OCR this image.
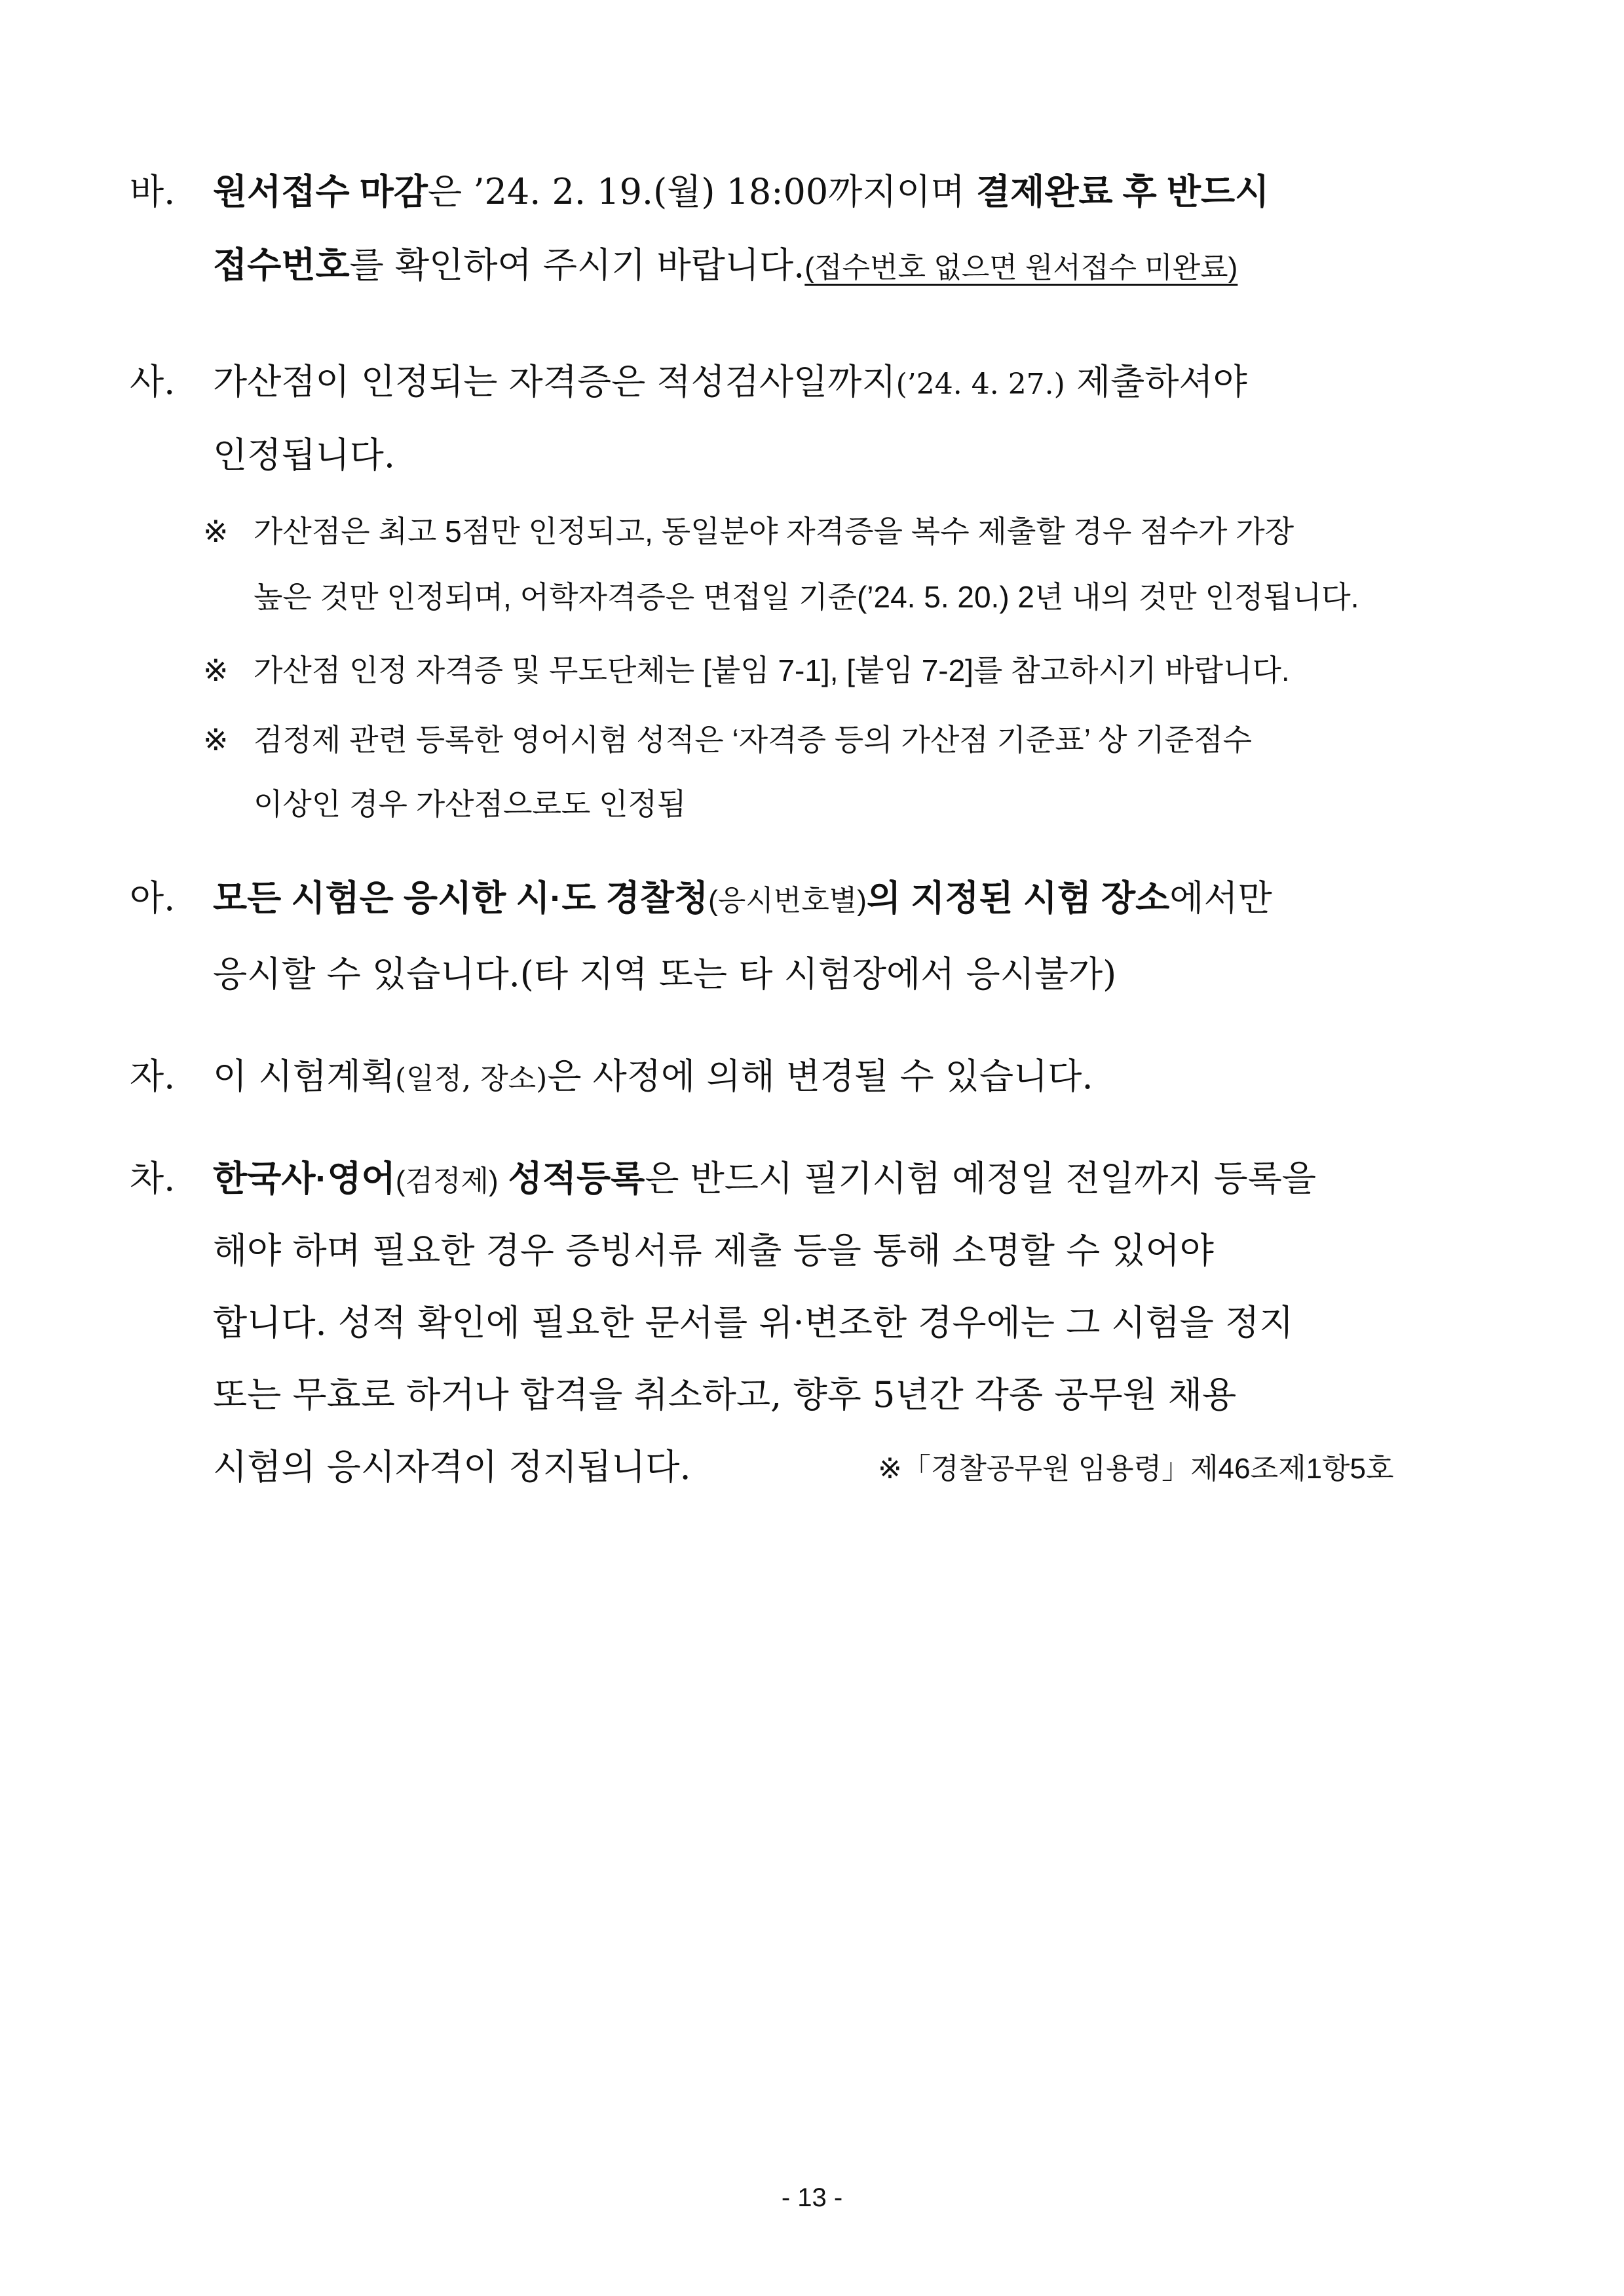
바. 원서접수 마감은 ’24. 2. 19.(월) 18:00까지이며 결제완료 후 반드시
접수번호를 확인하여 주시기 바랍니다.(접수번호 없으면 원서접수 미완료)
사. 가산점이 인정되는 자격증은 적성검사일까지(’24. 4. 27.) 제출하셔야
인정됩니다.
※ 가산점은 최고 5점만 인정되고, 동일분야 자격증을 복수 제출할 경우 점수가 가장
높은 것만 인정되며, 어학자격증은 면접일 기준(’24. 5. 20.) 2년 내의 것만 인정됩니다.
※ 가산점 인정 자격증 및 무도단체는 [붙임 7-1], [붙임 7-2]를 참고하시기 바랍니다.
※ 검정제 관련 등록한 영어시험 성적은 ‘자격증 등의 가산점 기준표’ 상 기준점수
이상인 경우 가산점으로도 인정됨
아. 모든 시험은 응시한 시·도 경찰청(응시번호별)의 지정된 시험 장소에서만
응시할 수 있습니다.(타 지역 또는 타 시험장에서 응시불가)
자. 이 시험계획(일정, 장소)은 사정에 의해 변경될 수 있습니다.
차. 한국사·영어(검정제) 성적등록은 반드시 필기시험 예정일 전일까지 등록을
해야 하며 필요한 경우 증빙서류 제출 등을 통해 소명할 수 있어야
합니다. 성적 확인에 필요한 문서를 위·변조한 경우에는 그 시험을 정지
또는 무효로 하거나 합격을 취소하고, 향후 5년간 각종 공무원 채용
시험의 응시자격이 정지됩니다.	※「경찰공무원 임용령」제46조제1항5호
- 13 -
